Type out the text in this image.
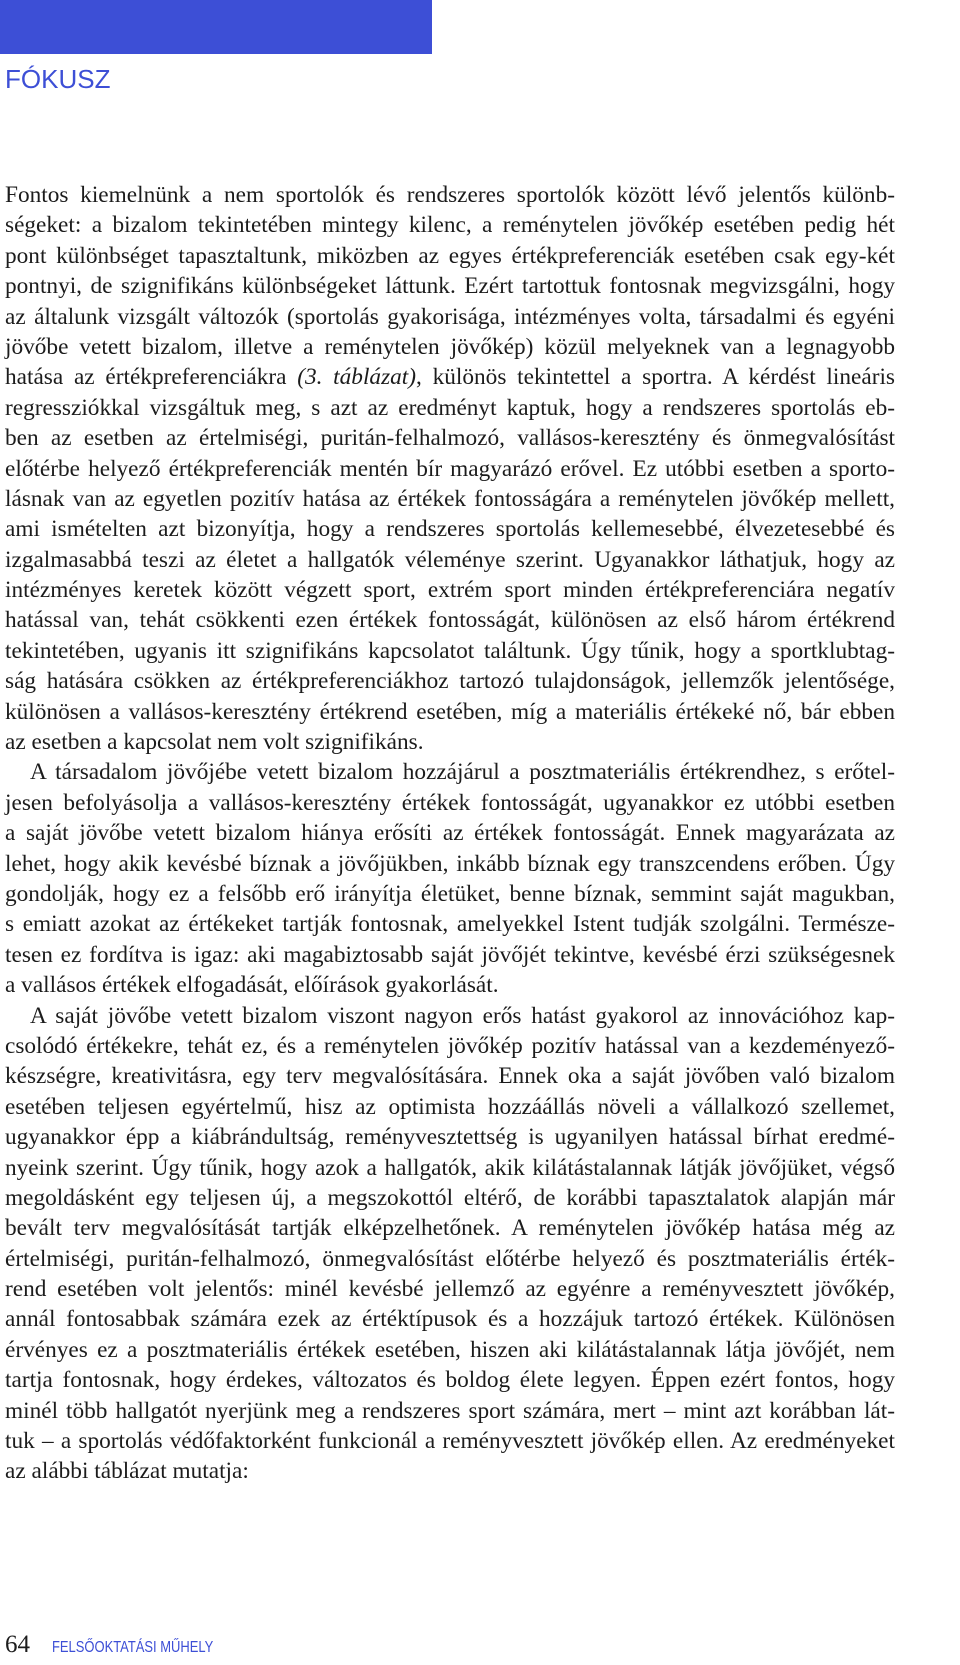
FÓKUSZ
Fontos kiemelnünk a nem sportolók és rendszeres sportolók között lévő jelentős különb-
ségeket: a bizalom tekintetében mintegy kilenc, a reménytelen jövőkép esetében pedig hét
pont különbséget tapasztaltunk, miközben az egyes értékpreferenciák esetében csak egy-két
pontnyi, de szignifikáns különbségeket láttunk. Ezért tartottuk fontosnak megvizsgálni, hogy
az általunk vizsgált változók (sportolás gyakorisága, intézményes volta, társadalmi és egyéni
jövőbe vetett bizalom, illetve a reménytelen jövőkép) közül melyeknek van a legnagyobb
hatása az értékpreferenciákra (3. táblázat), különös tekintettel a sportra. A kérdést lineáris
regressziókkal vizsgáltuk meg, s azt az eredményt kaptuk, hogy a rendszeres sportolás eb-
ben az esetben az értelmiségi, puritán-felhalmozó, vallásos-keresztény és önmegvalósítást
előtérbe helyező értékpreferenciák mentén bír magyarázó erővel. Ez utóbbi esetben a sporto-
lásnak van az egyetlen pozitív hatása az értékek fontosságára a reménytelen jövőkép mellett,
ami ismételten azt bizonyítja, hogy a rendszeres sportolás kellemesebbé, élvezetesebbé és
izgalmasabbá teszi az életet a hallgatók véleménye szerint. Ugyanakkor láthatjuk, hogy az
intézményes keretek között végzett sport, extrém sport minden értékpreferenciára negatív
hatással van, tehát csökkenti ezen értékek fontosságát, különösen az első három értékrend
tekintetében, ugyanis itt szignifikáns kapcsolatot találtunk. Úgy tűnik, hogy a sportklubtag-
ság hatására csökken az értékpreferenciákhoz tartozó tulajdonságok, jellemzők jelentősége,
különösen a vallásos-keresztény értékrend esetében, míg a materiális értékeké nő, bár ebben
az esetben a kapcsolat nem volt szignifikáns.
A társadalom jövőjébe vetett bizalom hozzájárul a posztmateriális értékrendhez, s erőtel-
jesen befolyásolja a vallásos-keresztény értékek fontosságát, ugyanakkor ez utóbbi esetben
a saját jövőbe vetett bizalom hiánya erősíti az értékek fontosságát. Ennek magyarázata az
lehet, hogy akik kevésbé bíznak a jövőjükben, inkább bíznak egy transzcendens erőben. Úgy
gondolják, hogy ez a felsőbb erő irányítja életüket, benne bíznak, semmint saját magukban,
s emiatt azokat az értékeket tartják fontosnak, amelyekkel Istent tudják szolgálni. Természe-
tesen ez fordítva is igaz: aki magabiztosabb saját jövőjét tekintve, kevésbé érzi szükségesnek
a vallásos értékek elfogadását, előírások gyakorlását.
A saját jövőbe vetett bizalom viszont nagyon erős hatást gyakorol az innovációhoz kap-
csolódó értékekre, tehát ez, és a reménytelen jövőkép pozitív hatással van a kezdeményező-
készségre, kreativitásra, egy terv megvalósítására. Ennek oka a saját jövőben való bizalom
esetében teljesen egyértelmű, hisz az optimista hozzáállás növeli a vállalkozó szellemet,
ugyanakkor épp a kiábrándultság, reményvesztettség is ugyanilyen hatással bírhat eredmé-
nyeink szerint. Úgy tűnik, hogy azok a hallgatók, akik kilátástalannak látják jövőjüket, végső
megoldásként egy teljesen új, a megszokottól eltérő, de korábbi tapasztalatok alapján már
bevált terv megvalósítását tartják elképzelhetőnek. A reménytelen jövőkép hatása még az
értelmiségi, puritán-felhalmozó, önmegvalósítást előtérbe helyező és posztmateriális érték-
rend esetében volt jelentős: minél kevésbé jellemző az egyénre a reményvesztett jövőkép,
annál fontosabbak számára ezek az értéktípusok és a hozzájuk tartozó értékek. Különösen
érvényes ez a posztmateriális értékek esetében, hiszen aki kilátástalannak látja jövőjét, nem
tartja fontosnak, hogy érdekes, változatos és boldog élete legyen. Éppen ezért fontos, hogy
minél több hallgatót nyerjünk meg a rendszeres sport számára, mert – mint azt korábban lát-
tuk – a sportolás védőfaktorként funkcionál a reményvesztett jövőkép ellen. Az eredményeket
az alábbi táblázat mutatja:
64 FELSŐOKTATÁSI MŰHELY
